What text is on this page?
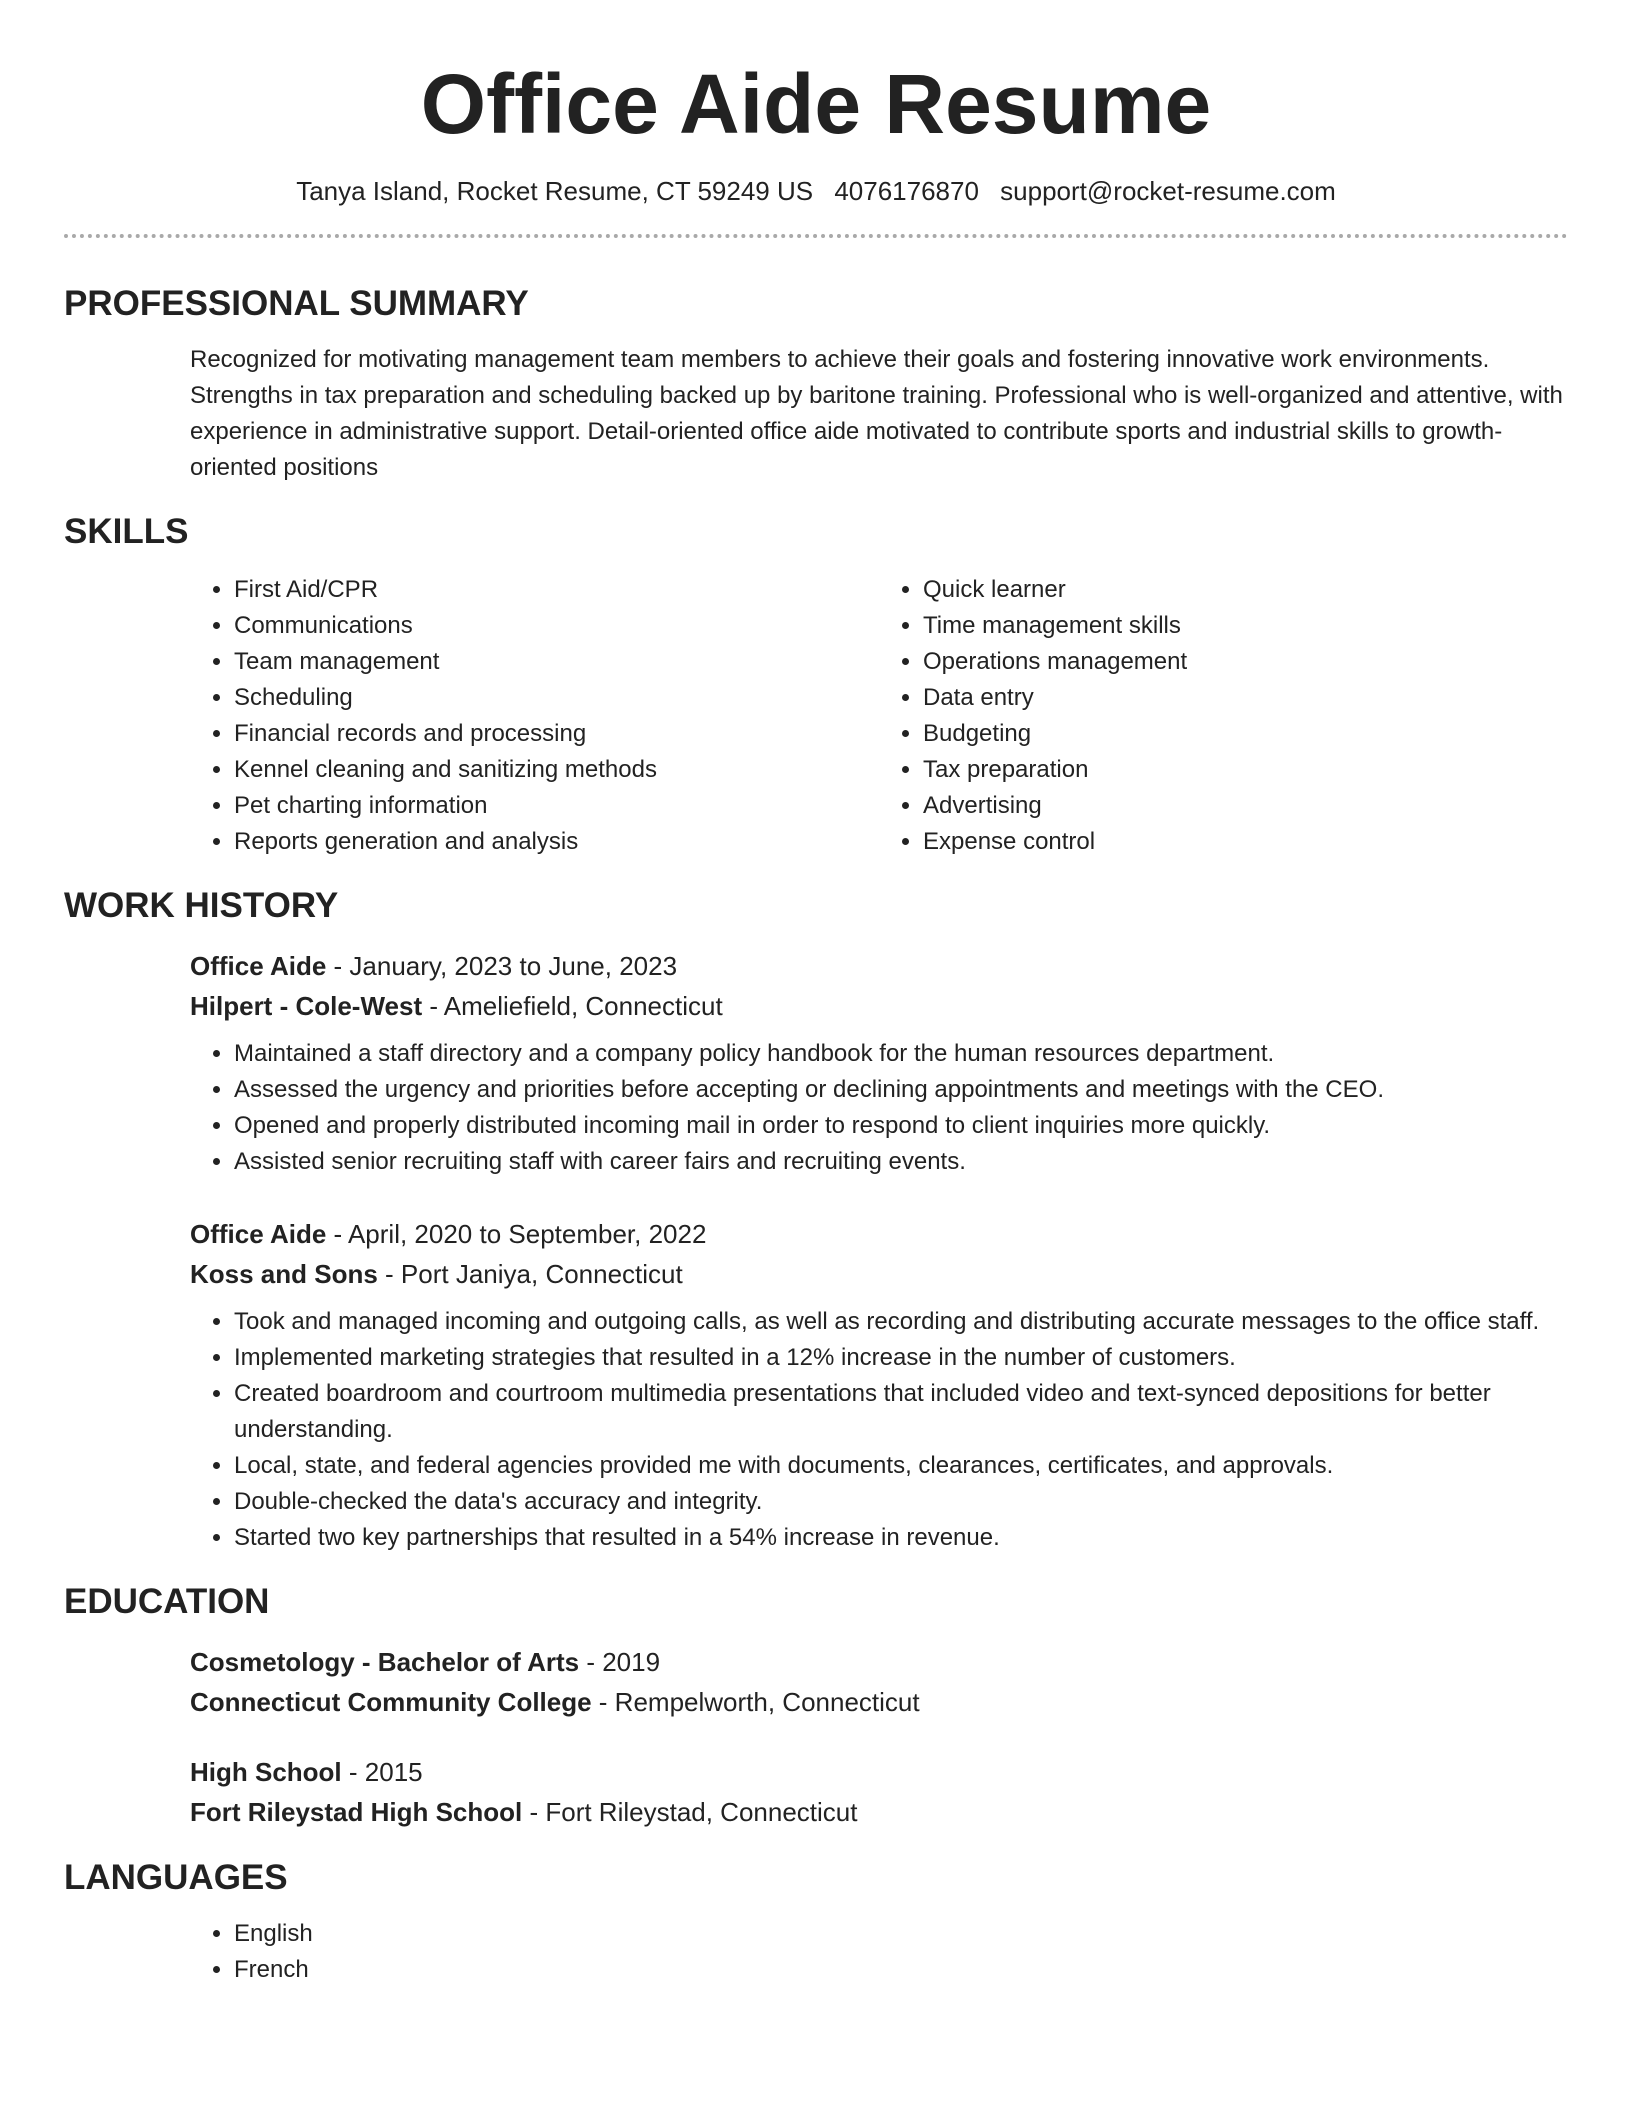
Office Aide Resume
Tanya Island, Rocket Resume, CT 59249 US 4076176870 support@rocket-resume.com
PROFESSIONAL SUMMARY

Recognized for motivating management team members to achieve their goals and fostering innovative work environments. Strengths in tax preparation and scheduling backed up by baritone training. Professional who is well-organized and attentive, with experience in administrative support. Detail-oriented office aide motivated to contribute sports and industrial skills to growth-oriented positions

SKILLS
• First Aid/CPR
• Communications
• Team management
• Scheduling
• Financial records and processing
• Kennel cleaning and sanitizing methods
• Pet charting information
• Reports generation and analysis
• Quick learner
• Time management skills
• Operations management
• Data entry
• Budgeting
• Tax preparation
• Advertising
• Expense control
WORK HISTORY
Office Aide - January, 2023 to June, 2023
Hilpert - Cole-West - Ameliefield, Connecticut
• Maintained a staff directory and a company policy handbook for the human resources department.
• Assessed the urgency and priorities before accepting or declining appointments and meetings with the CEO.
• Opened and properly distributed incoming mail in order to respond to client inquiries more quickly.
• Assisted senior recruiting staff with career fairs and recruiting events.
Office Aide - April, 2020 to September, 2022
Koss and Sons - Port Janiya, Connecticut
• Took and managed incoming and outgoing calls, as well as recording and distributing accurate messages to the office staff.
• Implemented marketing strategies that resulted in a 12% increase in the number of customers.
• Created boardroom and courtroom multimedia presentations that included video and text-synced depositions for better understanding.
• Local, state, and federal agencies provided me with documents, clearances, certificates, and approvals.
• Double-checked the data's accuracy and integrity.
• Started two key partnerships that resulted in a 54% increase in revenue.
EDUCATION
Cosmetology - Bachelor of Arts - 2019
Connecticut Community College - Rempelworth, Connecticut
High School - 2015
Fort Rileystad High School - Fort Rileystad, Connecticut
LANGUAGES
• English
• French
